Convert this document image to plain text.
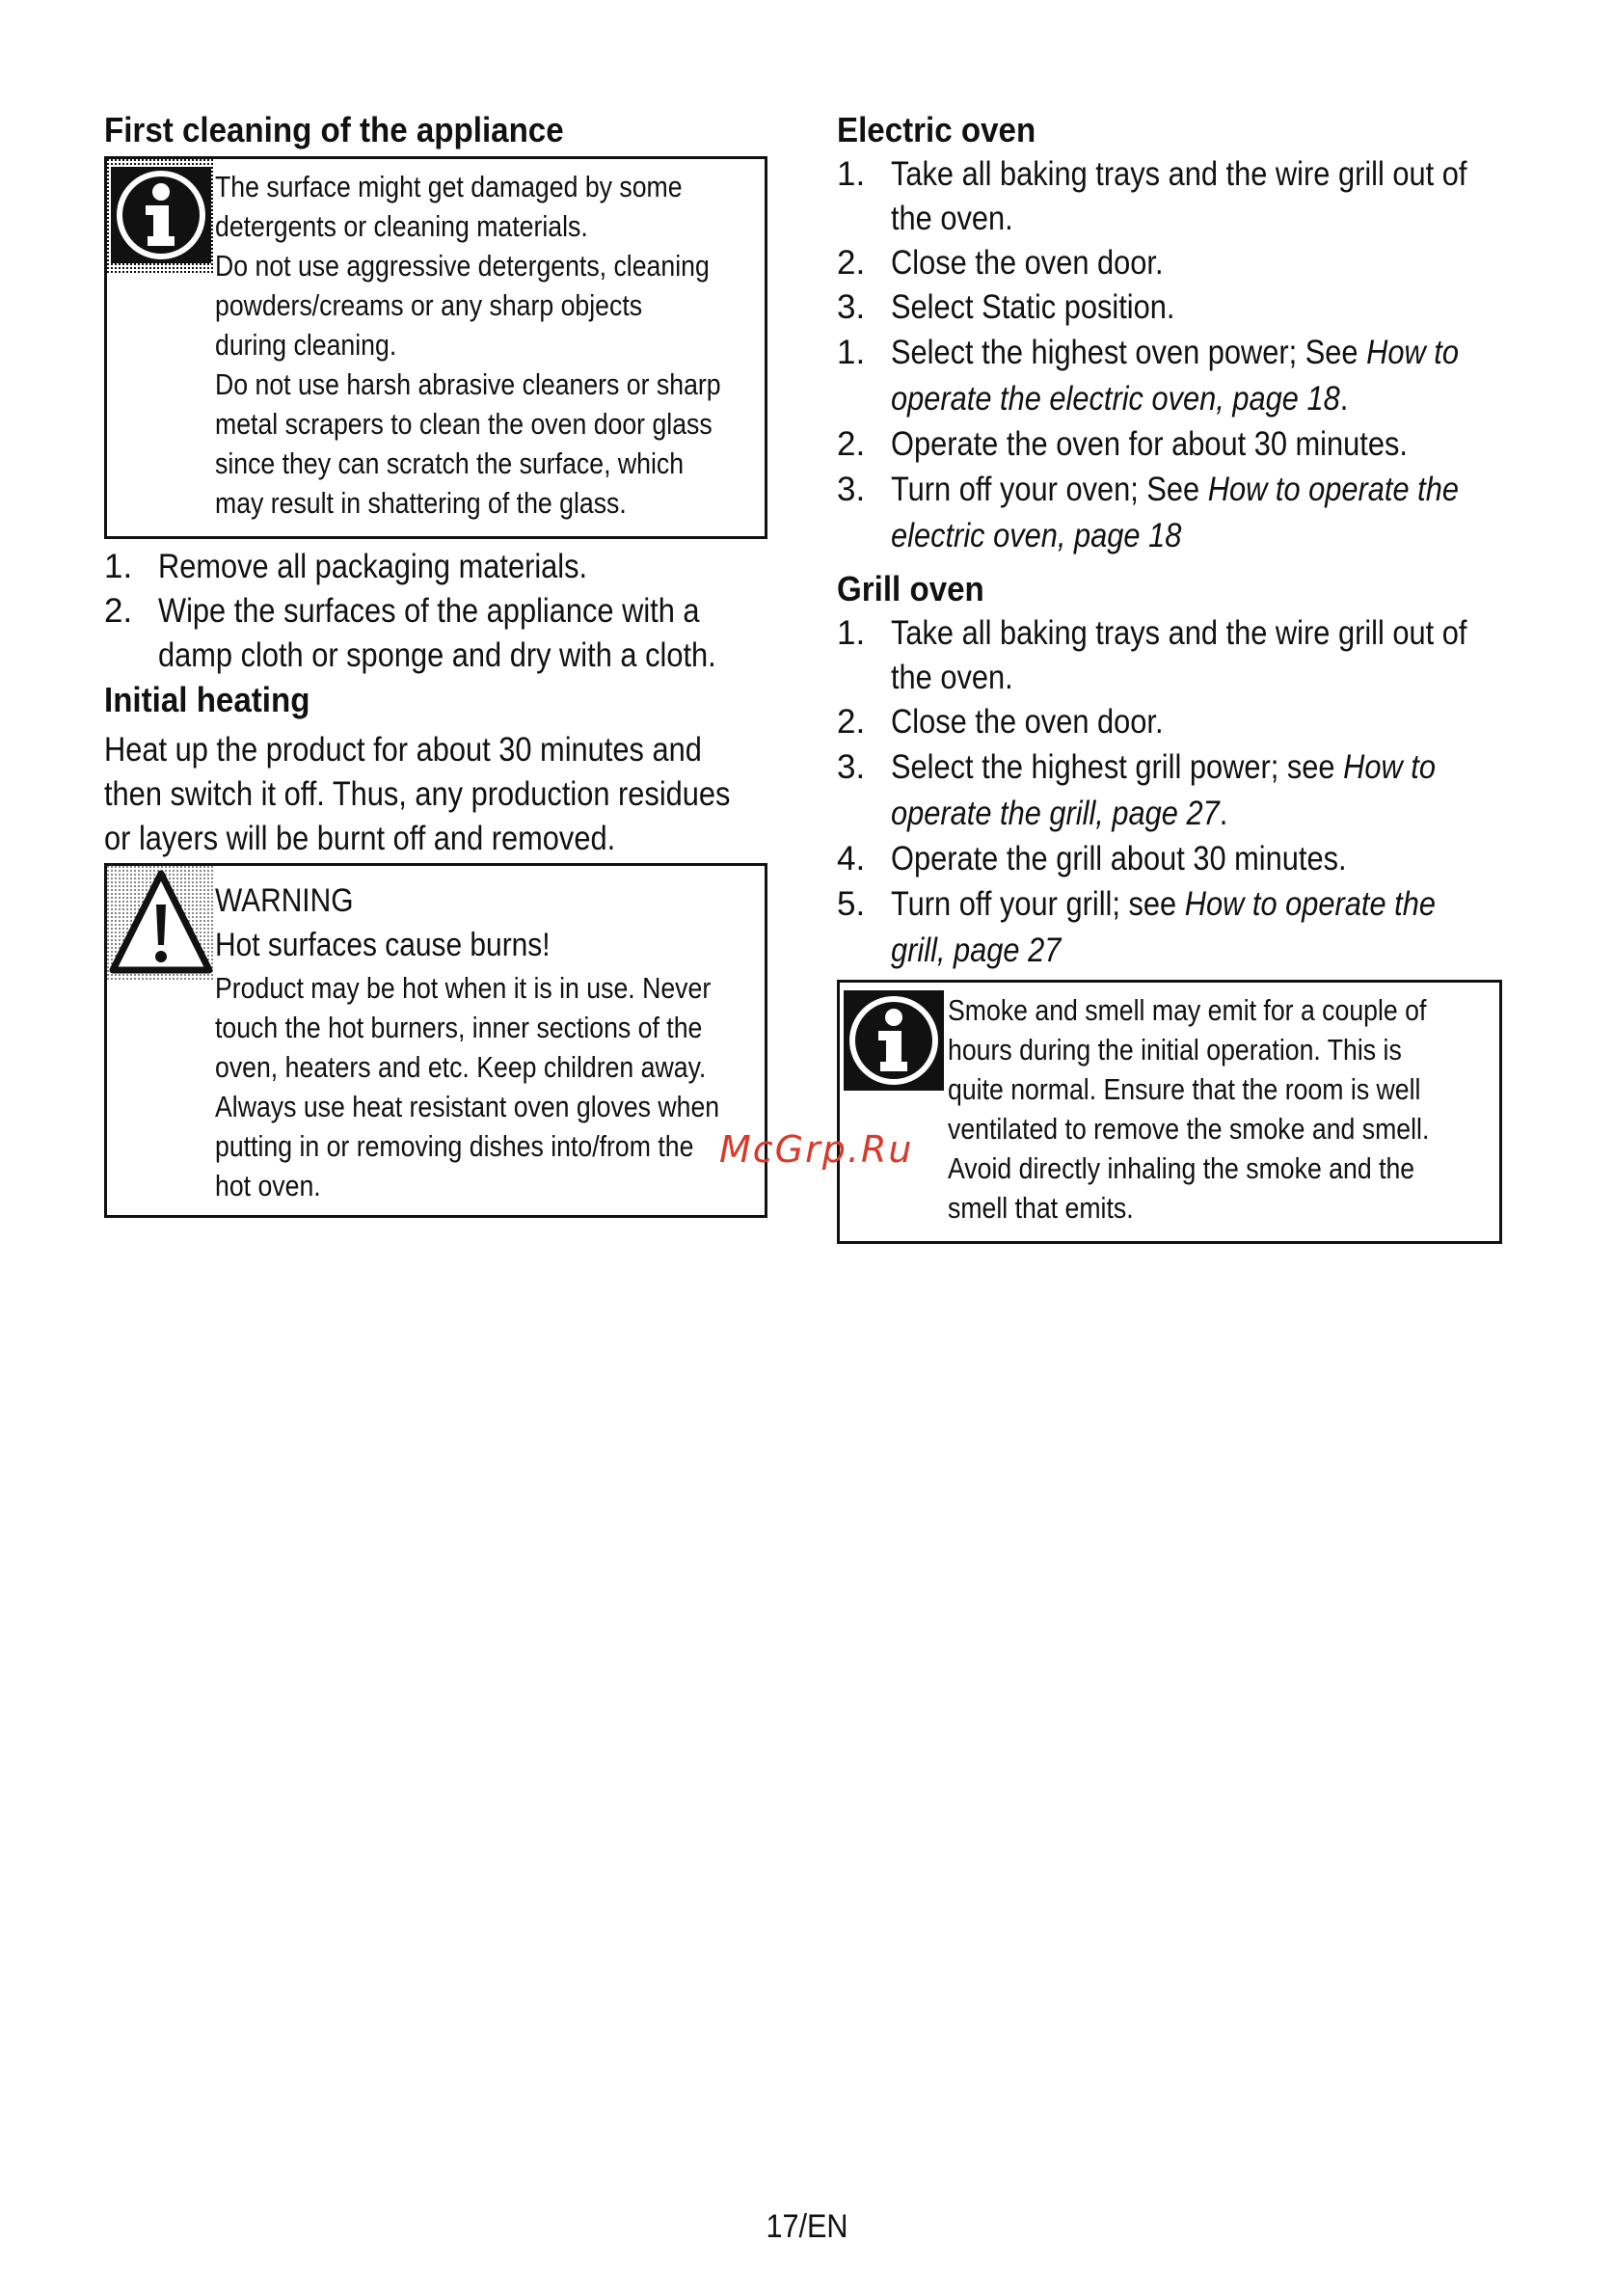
First cleaning of the appliance

The surface might get damaged by some

detergents or cleaning materials.

Do not use aggressive detergents, cleaning

powders/creams or any sharp objects

during cleaning.

Do not use harsh abrasive cleaners or sharp

metal scrapers to clean the oven door glass

since they can scratch the surface, which

may result in shattering of the glass.

1. Remove all packaging materials.
2. Wipe the surfaces of the appliance with a
damp cloth or sponge and dry with a cloth.
Initial heating
Heat up the product for about 30 minutes and
then switch it off. Thus, any production residues
or layers will be burnt off and removed.

WARNING

Hot surfaces cause burns!

Product may be hot when it is in use. Never

touch the hot burners, inner sections of the

oven, heaters and etc. Keep children away.

Always use heat resistant oven gloves when

putting in or removing dishes into/from the

hot oven.

Electric oven
1. Take all baking trays and the wire grill out of
the oven.
2. Close the oven door.
3. Select Static position.
1. Select the highest oven power; See How to
operate the electric oven, page 18.
2. Operate the oven for about 30 minutes.
3. Turn off your oven; See How to operate the
electric oven, page 18
Grill oven
1. Take all baking trays and the wire grill out of
the oven.
2. Close the oven door.
3. Select the highest grill power; see How to
operate the grill, page 27.
4. Operate the grill about 30 minutes.
5. Turn off your grill; see How to operate the
grill, page 27

Smoke and smell may emit for a couple of

hours during the initial operation. This is

quite normal. Ensure that the room is well

ventilated to remove the smoke and smell.

Avoid directly inhaling the smoke and the

smell that emits.

McGrp.Ru
17/EN
